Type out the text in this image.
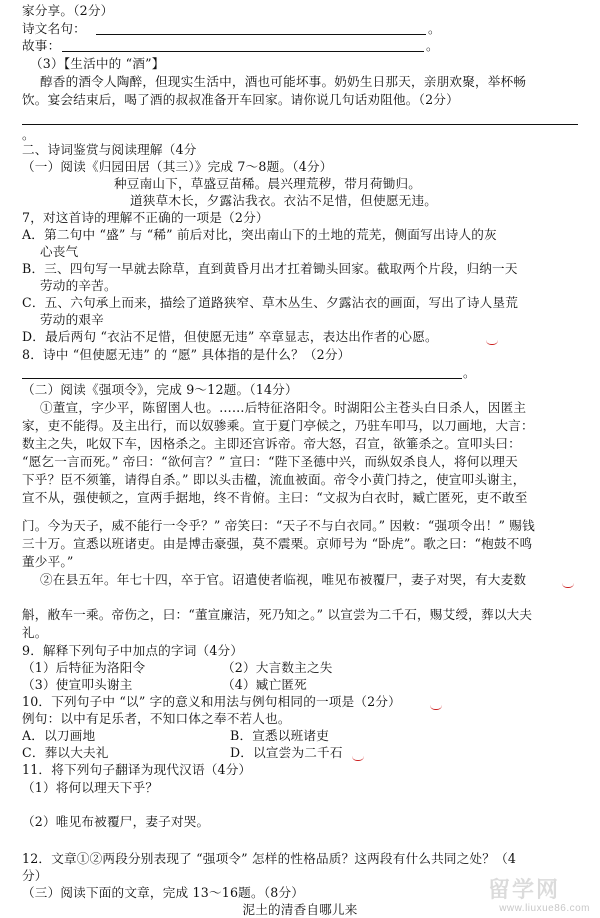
家分享。（2分）
诗文名句：	。
故事：	。
（3）【生活中的 “酒”】
醇香的酒令人陶醉，但现实生活中，酒也可能坏事。奶奶生日那天，亲朋欢聚，举杯畅
饮。宴会结束后，喝了酒的叔叔准备开车回家。请你说几句话劝阻他。（2分）
。
二、诗词鉴赏与阅读理解（4分
（一）阅读《归园田居（其三）》完成 7～8题。（4分）
种豆南山下，草盛豆苗稀。晨兴理荒秽，带月荷锄归。
道狭草木长，夕露沾我衣。衣沾不足惜，但使愿无违。
7，对这首诗的理解不正确的一项是（2分）
A．第二句中 “盛” 与 “稀” 前后对比，突出南山下的土地的荒芜，侧面写出诗人的灰
心丧气
B．三、四句写一早就去除草，直到黄昏月出才扛着锄头回家。截取两个片段，归纳一天
劳动的辛苦。
C．五、六句承上而来，描绘了道路狭窄、草木丛生、夕露沾衣的画面，写出了诗人垦荒
劳动的艰辛
D．最后两句 “衣沾不足惜，但使愿无违” 卒章显志，表达出作者的心愿。
8．诗中 “但使愿无违” 的 “愿” 具体指的是什么？（2分）
。
（二）阅读《强项令》，完成 9～12题。（14分）
①董宣，字少平，陈留圉人也。……后特征洛阳令。时湖阳公主苍头白日杀人，因匿主
家，吏不能得。及主出行，而以奴骖乘。宣于夏门亭候之，乃驻车叩马，以刀画地，大言：
数主之失，叱奴下车，因格杀之。主即还宫诉帝。帝大怒，召宣，欲箠杀之。宣叩头曰：
“愿乞一言而死。” 帝曰：“欲何言？” 宣曰：“陛下圣德中兴，而纵奴杀良人，将何以理天
下乎？臣不须箠，请得自杀。” 即以头击楹，流血被面。帝令小黄门持之，使宣叩头谢主，
宣不从，强使顿之，宣两手据地，终不肯俯。主曰：“文叔为白衣时，臧亡匿死，吏不敢至
门。今为天子，威不能行一令乎？” 帝笑曰：“天子不与白衣同。” 因敕：“强项令出！” 赐钱
三十万。宣悉以班诸吏。由是博击豪强，莫不震栗。京师号为 “卧虎”。歌之曰：“枹鼓不鸣
董少平。”
②在县五年。年七十四，卒于官。诏遣使者临视，唯见布被覆尸，妻子对哭，有大麦数
斛，敝车一乘。帝伤之，曰：“董宣廉洁，死乃知之。” 以宣尝为二千石，赐艾绶，葬以大夫
礼。
9．解释下列句子中加点的字词（4分）
（1）后特征为洛阳令	（2）大言数主之失
（3）使宣叩头谢主	（4）臧亡匿死
10．下列句子中 “以” 字的意义和用法与例句相同的一项是（2分）
例句：以中有足乐者，不知口体之奉不若人也。
A．以刀画地	B．宣悉以班诸吏
C．葬以大夫礼	D．以宣尝为二千石
11．将下列句子翻译为现代汉语（4分）
（1）将何以理天下乎？
（2）唯见布被覆尸，妻子对哭。
12．文章①②两段分别表现了 “强项令” 怎样的性格品质？这两段有什么共同之处？（4
分）
（三）阅读下面的文章，完成 13～16题。（8分）
泥土的清香自哪儿来
留学网
www.liuxue86.com
